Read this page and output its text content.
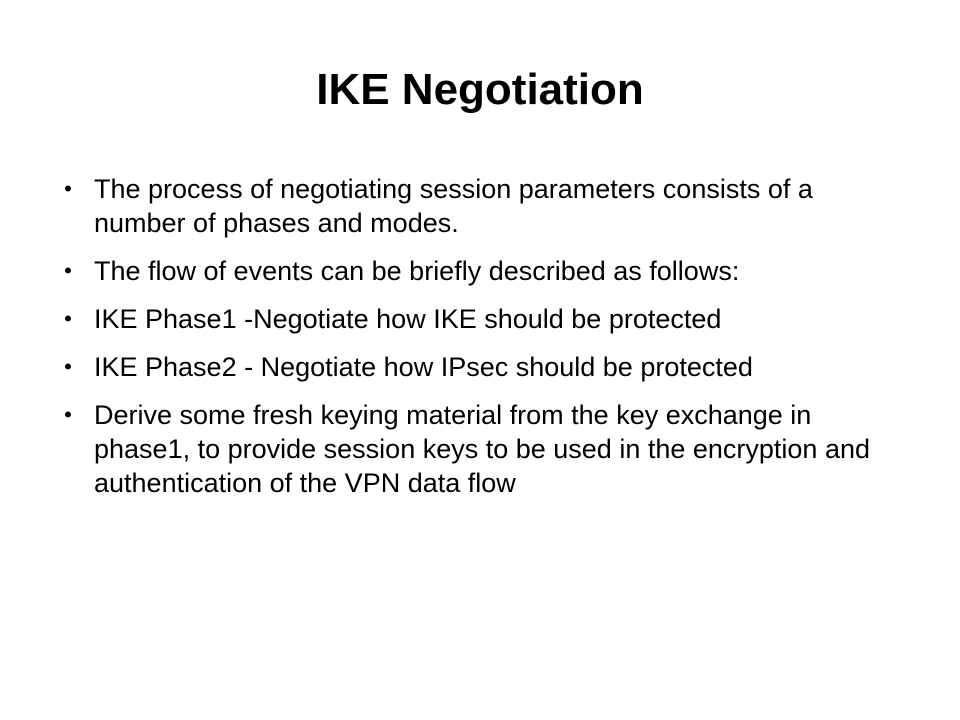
IKE Negotiation
• The process of negotiating session parameters consists of a number of phases and modes.
• The flow of events can be briefly described as follows:
• IKE Phase1 -Negotiate how IKE should be protected
• IKE Phase2 - Negotiate how IPsec should be protected
• Derive some fresh keying material from the key exchange in phase1, to provide session keys to be used in the encryption and authentication of the VPN data flow
